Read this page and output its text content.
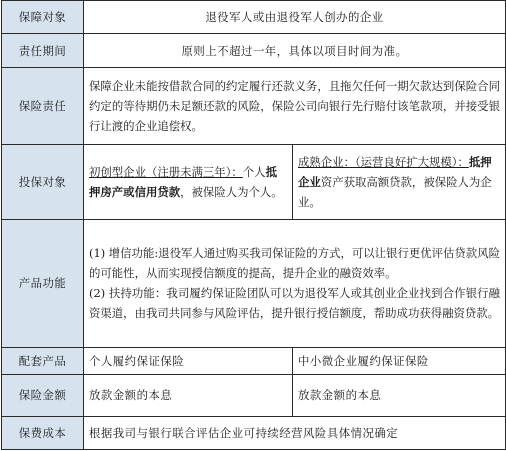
保障对象	退役军人或由退役军人创办的企业	
责任期间	原则上不超过一年，具体以项目时间为准。	
保险责任	保障企业未能按借款合同的约定履行还款义务，且拖欠任何一期欠款达到保险合同约定的等待期仍未足额还款的风险，保险公司向银行先行赔付该笔款项，并接受银行让渡的企业追偿权。	
投保对象	初创型企业（注册未满三年）：个人抵押房产或信用贷款，被保险人为个人。	成熟企业：（运营良好扩大规模）：抵押企业资产获取高额贷款，被保险人为企业。
产品功能	(1) 增信功能:退役军人通过购买我司保证险的方式，可以让银行更优评估贷款风险的可能性，从而实现授信额度的提高，提升企业的融资效率。
(2) 扶持功能：我司履约保证险团队可以为退役军人或其创业企业找到合作银行融资渠道，由我司共同参与风险评估，提升银行授信额度，帮助成功获得融资贷款。	

配套产品	个人履约保证保险	中小微企业履约保证保险
保险金额	放款金额的本息	放款金额的本息
保费成本	根据我司与银行联合评估企业可持续经营风险具体情况确定	
